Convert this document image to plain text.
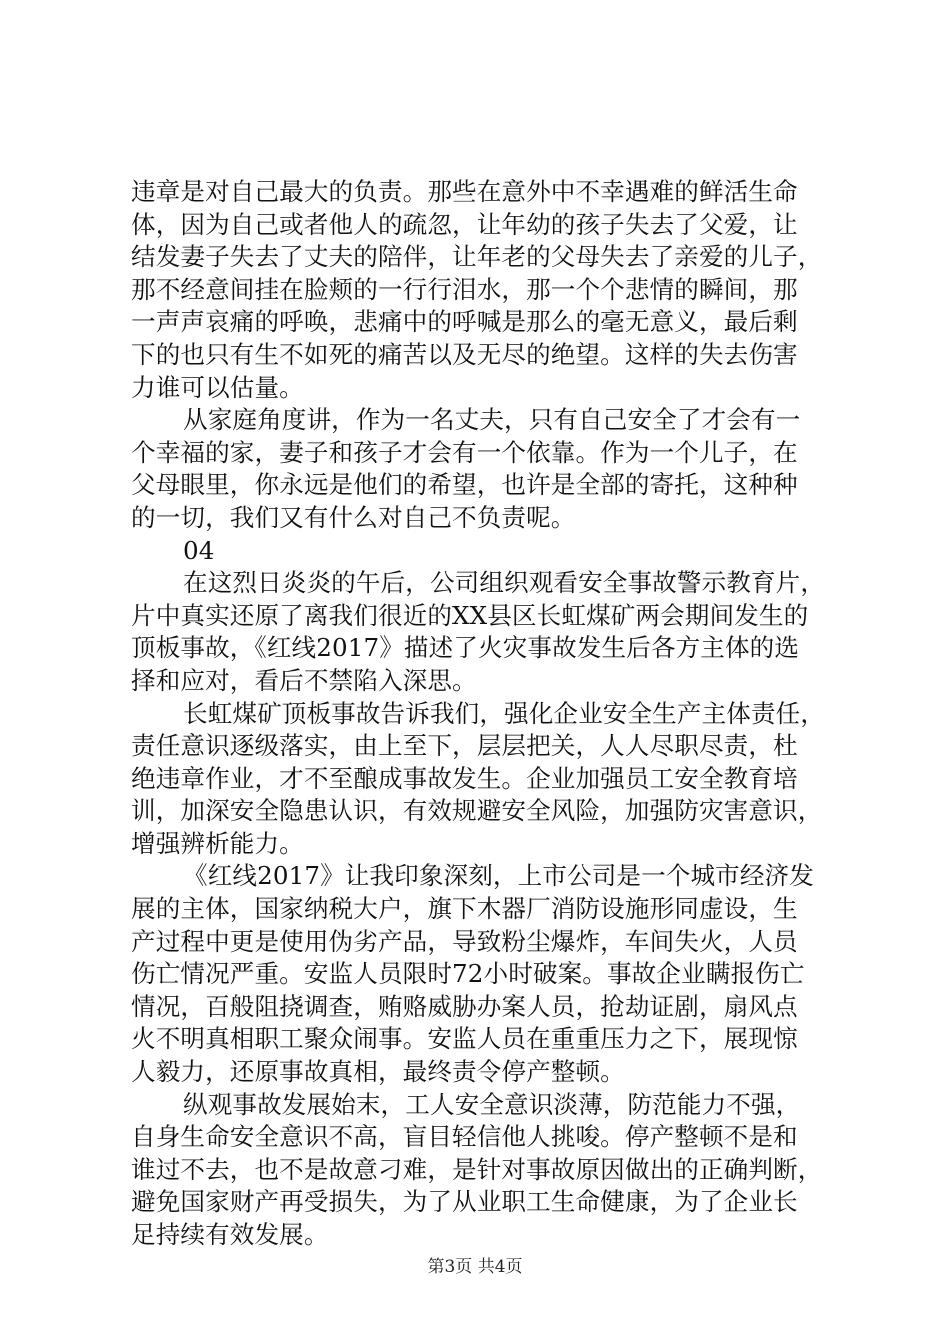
违章是对自己最大的负责。那些在意外中不幸遇难的鲜活生命
体，因为自己或者他人的疏忽，让年幼的孩子失去了父爱，让
结发妻子失去了丈夫的陪伴，让年老的父母失去了亲爱的儿子，
那不经意间挂在脸颊的一行行泪水，那一个个悲情的瞬间，那
一声声哀痛的呼唤，悲痛中的呼喊是那么的毫无意义，最后剩
下的也只有生不如死的痛苦以及无尽的绝望。这样的失去伤害
力谁可以估量。
从家庭角度讲，作为一名丈夫，只有自己安全了才会有一
个幸福的家，妻子和孩子才会有一个依靠。作为一个儿子，在
父母眼里，你永远是他们的希望，也许是全部的寄托，这种种
的一切，我们又有什么对自己不负责呢。
04
在这烈日炎炎的午后，公司组织观看安全事故警示教育片，
片中真实还原了离我们很近的XX县区长虹煤矿两会期间发生的
顶板事故，《红线2017》描述了火灾事故发生后各方主体的选
择和应对，看后不禁陷入深思。
长虹煤矿顶板事故告诉我们，强化企业安全生产主体责任，
责任意识逐级落实，由上至下，层层把关，人人尽职尽责，杜
绝违章作业，才不至酿成事故发生。企业加强员工安全教育培
训，加深安全隐患认识，有效规避安全风险，加强防灾害意识，
增强辨析能力。
《红线2017》让我印象深刻，上市公司是一个城市经济发
展的主体，国家纳税大户，旗下木器厂消防设施形同虚设，生
产过程中更是使用伪劣产品，导致粉尘爆炸，车间失火，人员
伤亡情况严重。安监人员限时72小时破案。事故企业瞒报伤亡
情况，百般阻挠调查，贿赂威胁办案人员，抢劫证剧，扇风点
火不明真相职工聚众闹事。安监人员在重重压力之下，展现惊
人毅力，还原事故真相，最终责令停产整顿。
纵观事故发展始末，工人安全意识淡薄，防范能力不强，
自身生命安全意识不高，盲目轻信他人挑唆。停产整顿不是和
谁过不去，也不是故意刁难，是针对事故原因做出的正确判断，
避免国家财产再受损失，为了从业职工生命健康，为了企业长
足持续有效发展。
第3页 共4页
